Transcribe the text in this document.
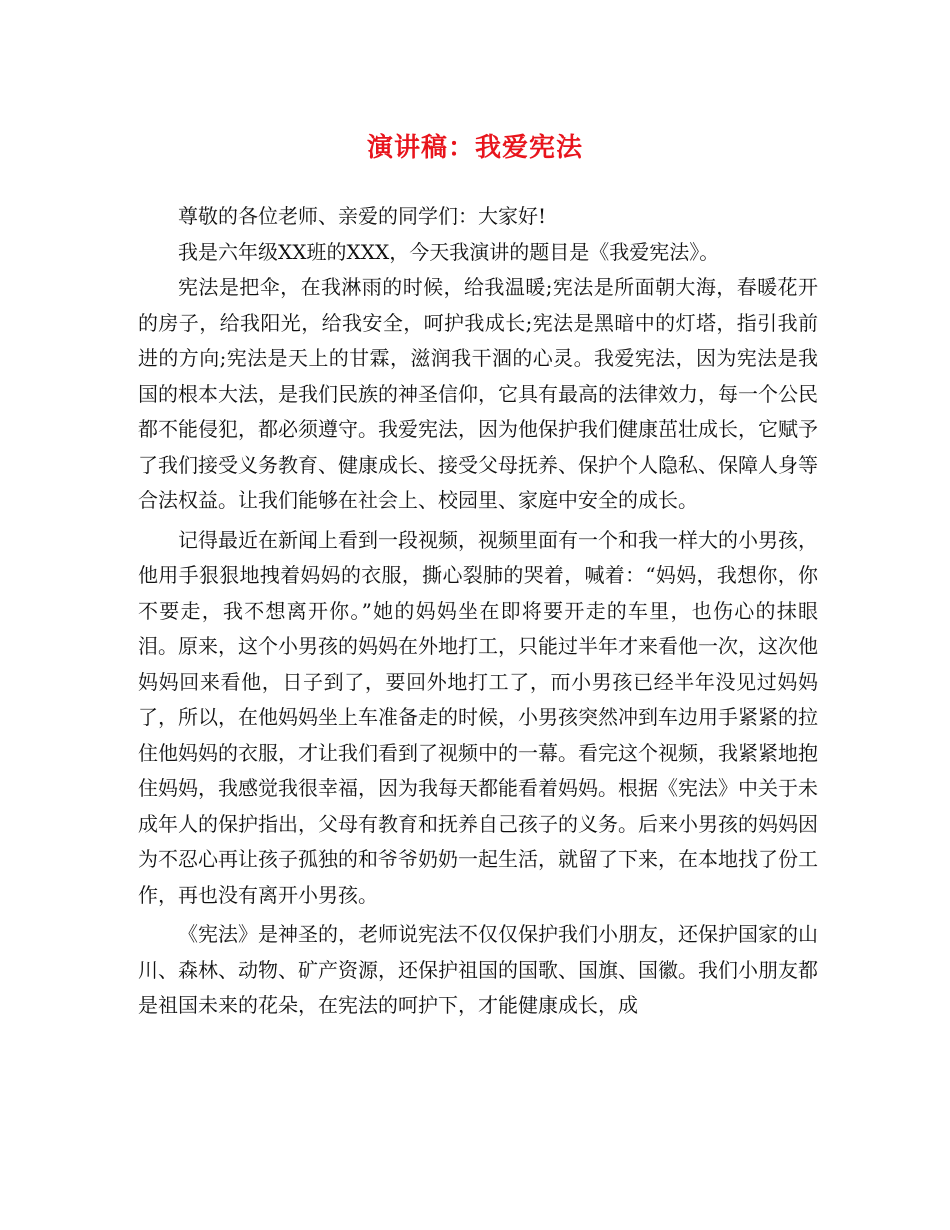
演讲稿：我爱宪法

尊敬的各位老师、亲爱的同学们：大家好!

我是六年级XX班的XXX，今天我演讲的题目是《我爱宪法》。

宪法是把伞，在我淋雨的时候，给我温暖;宪法是所面朝大海，春暖花开的房子，给我阳光，给我安全，呵护我成长;宪法是黑暗中的灯塔，指引我前进的方向;宪法是天上的甘霖，滋润我干涸的心灵。我爱宪法，因为宪法是我国的根本大法，是我们民族的神圣信仰，它具有最高的法律效力，每一个公民都不能侵犯，都必须遵守。我爱宪法，因为他保护我们健康茁壮成长，它赋予了我们接受义务教育、健康成长、接受父母抚养、保护个人隐私、保障人身等合法权益。让我们能够在社会上、校园里、家庭中安全的成长。

记得最近在新闻上看到一段视频，视频里面有一个和我一样大的小男孩，他用手狠狠地拽着妈妈的衣服，撕心裂肺的哭着，喊着：“妈妈，我想你，你不要走，我不想离开你。”她的妈妈坐在即将要开走的车里，也伤心的抹眼泪。原来，这个小男孩的妈妈在外地打工，只能过半年才来看他一次，这次他妈妈回来看他，日子到了，要回外地打工了，而小男孩已经半年没见过妈妈了，所以，在他妈妈坐上车准备走的时候，小男孩突然冲到车边用手紧紧的拉住他妈妈的衣服，才让我们看到了视频中的一幕。看完这个视频，我紧紧地抱住妈妈，我感觉我很幸福，因为我每天都能看着妈妈。根据《宪法》中关于未成年人的保护指出，父母有教育和抚养自己孩子的义务。后来小男孩的妈妈因为不忍心再让孩子孤独的和爷爷奶奶一起生活，就留了下来，在本地找了份工作，再也没有离开小男孩。

《宪法》是神圣的，老师说宪法不仅仅保护我们小朋友，还保护国家的山川、森林、动物、矿产资源，还保护祖国的国歌、国旗、国徽。我们小朋友都是祖国未来的花朵，在宪法的呵护下，才能健康成长，成
